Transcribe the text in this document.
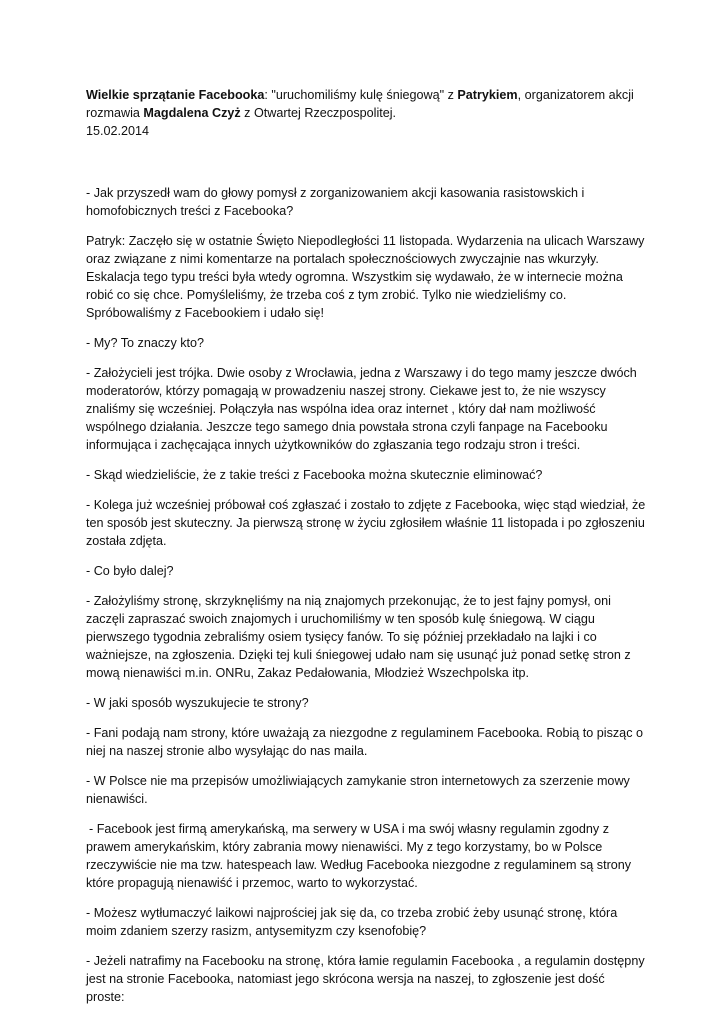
Wielkie sprzątanie Facebooka: "uruchomiliśmy kulę śniegową" z Patrykiem, organizatorem akcji rozmawia Magdalena Czyż z Otwartej Rzeczpospolitej.
15.02.2014

- Jak przyszedł wam do głowy pomysł z zorganizowaniem akcji kasowania rasistowskich i homofobicznych treści z Facebooka?

Patryk: Zaczęło się w ostatnie Święto Niepodległości 11 listopada. Wydarzenia na ulicach Warszawy oraz związane z nimi komentarze na portalach społecznościowych zwyczajnie nas wkurzyły. Eskalacja tego typu treści była wtedy ogromna. Wszystkim się wydawało, że w internecie można robić co się chce. Pomyśleliśmy, że trzeba coś z tym zrobić. Tylko nie wiedzieliśmy co. Spróbowaliśmy z Facebookiem i udało się!

- My? To znaczy kto?

- Założycieli jest trójka. Dwie osoby z Wrocławia, jedna z Warszawy i do tego mamy jeszcze dwóch moderatorów, którzy pomagają w prowadzeniu naszej strony. Ciekawe jest to, że nie wszyscy znaliśmy się wcześniej. Połączyła nas wspólna idea oraz internet , który dał nam możliwość wspólnego działania. Jeszcze tego samego dnia powstała strona czyli fanpage na Facebooku informująca i zachęcająca innych użytkowników do zgłaszania tego rodzaju stron i treści.

- Skąd wiedzieliście, że z takie treści z Facebooka można skutecznie eliminować?

- Kolega już wcześniej próbował coś zgłaszać i zostało to zdjęte z Facebooka, więc stąd wiedział, że ten sposób jest skuteczny. Ja pierwszą stronę w życiu zgłosiłem właśnie 11 listopada i po zgłoszeniu została zdjęta.

- Co było dalej?

- Założyliśmy stronę, skrzyknęliśmy na nią znajomych przekonując, że to jest fajny pomysł, oni zaczęli zapraszać swoich znajomych i uruchomiliśmy w ten sposób kulę śniegową. W ciągu pierwszego tygodnia zebraliśmy osiem tysięcy fanów. To się później przekładało na lajki i co ważniejsze, na zgłoszenia. Dzięki tej kuli śniegowej udało nam się usunąć już ponad setkę stron z mową nienawiści m.in. ONRu, Zakaz Pedałowania, Młodzież Wszechpolska itp.

- W jaki sposób wyszukujecie te strony?

- Fani podają nam strony, które uważają za niezgodne z regulaminem Facebooka. Robią to pisząc o niej na naszej stronie albo wysyłając do nas maila.

- W Polsce nie ma przepisów umożliwiających zamykanie stron internetowych za szerzenie mowy nienawiści.

- Facebook jest firmą amerykańską, ma serwery w USA i ma swój własny regulamin zgodny z prawem amerykańskim, który zabrania mowy nienawiści. My z tego korzystamy, bo w Polsce rzeczywiście nie ma tzw. hatespeach law. Według Facebooka niezgodne z regulaminem są strony które propagują nienawiść i przemoc, warto to wykorzystać.

- Możesz wytłumaczyć laikowi najprościej jak się da, co trzeba zrobić żeby usunąć stronę, która moim zdaniem szerzy rasizm, antysemityzm czy ksenofobię?

- Jeżeli natrafimy na Facebooku na stronę, która łamie regulamin Facebooka , a regulamin dostępny jest na stronie Facebooka, natomiast jego skrócona wersja na naszej, to zgłoszenie jest dość proste:
